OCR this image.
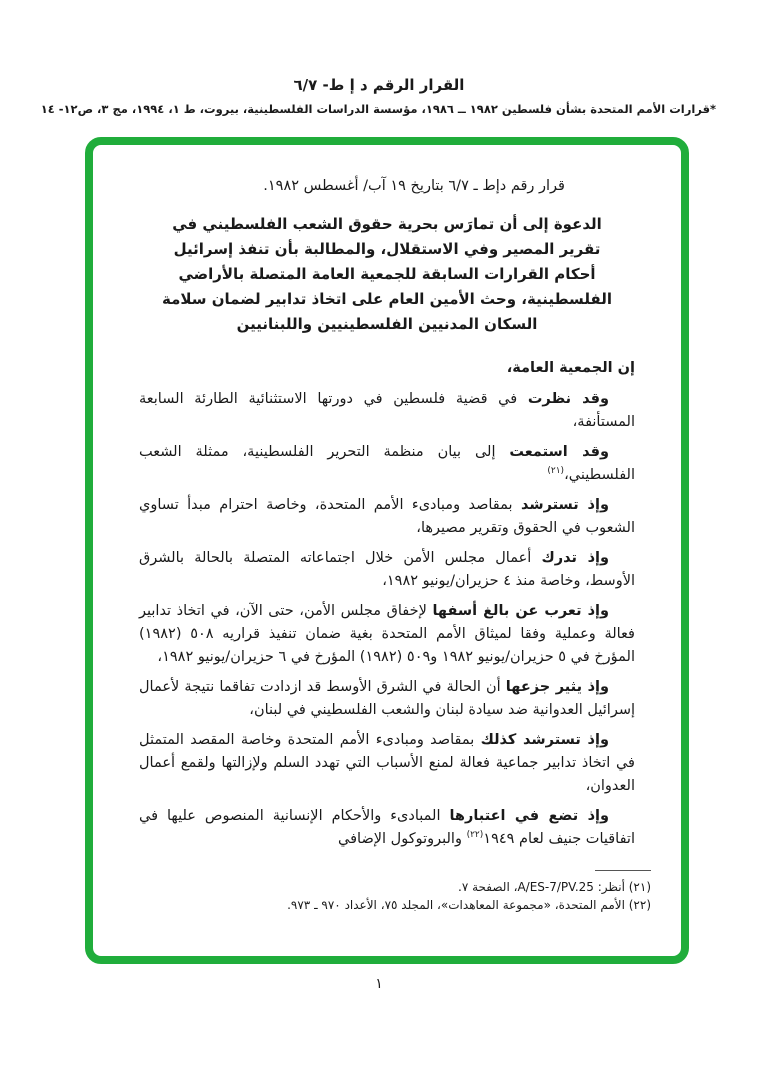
القرار الرقم د إ ط- ٦/٧
*قرارات الأمم المتحدة بشأن فلسطين ١٩٨٢ ــ ١٩٨٦، مؤسسة الدراسات الفلسطينية، بيروت، ط ١، ١٩٩٤، مج ٣، ص١٢- ١٤

قرار رقم دإط ـ ٦/٧ بتاريخ ١٩ آب/ أغسطس ١٩٨٢.

الدعوة إلى أن تمارَس بحرية حقوق الشعب الفلسطيني في تقرير المصير وفي الاستقلال، والمطالبة بأن تنفذ إسرائيل أحكام القرارات السابقة للجمعية العامة المتصلة بالأراضي الفلسطينية، وحث الأمين العام على اتخاذ تدابير لضمان سلامة السكان المدنيين الفلسطينيين واللبنانيين

إن الجمعية العامة،

وقد نظرت في قضية فلسطين في دورتها الاستثنائية الطارئة السابعة المستأنفة،

وقد استمعت إلى بيان منظمة التحرير الفلسطينية، ممثلة الشعب الفلسطيني،$^{(٢١)}$

وإذ تسترشد بمقاصد ومبادىء الأمم المتحدة، وخاصة احترام مبدأ تساوي الشعوب في الحقوق وتقرير مصيرها،

وإذ تدرك أعمال مجلس الأمن خلال اجتماعاته المتصلة بالحالة بالشرق الأوسط، وخاصة منذ ٤ حزيران/يونيو ١٩٨٢،

وإذ تعرب عن بالغ أسفها لإخفاق مجلس الأمن، حتى الآن، في اتخاذ تدابير فعالة وعملية وفقا لميثاق الأمم المتحدة بغية ضمان تنفيذ قراريه ٥٠٨ (١٩٨٢) المؤرخ في ٥ حزيران/يونيو ١٩٨٢ و٥٠٩ (١٩٨٢) المؤرخ في ٦ حزيران/يونيو ١٩٨٢،

وإذ يثير جزعها أن الحالة في الشرق الأوسط قد ازدادت تفاقما نتيجة لأعمال إسرائيل العدوانية ضد سيادة لبنان والشعب الفلسطيني في لبنان،

وإذ تسترشد كذلك بمقاصد ومبادىء الأمم المتحدة وخاصة المقصد المتمثل في اتخاذ تدابير جماعية فعالة لمنع الأسباب التي تهدد السلم ولإزالتها ولقمع أعمال العدوان،

وإذ تضع في اعتبارها المبادىء والأحكام الإنسانية المنصوص عليها في اتفاقيات جنيف لعام ١٩٤٩$^{(٢٢)}$ والبروتوكول الإضافي

(٢١) أنظر: A/ES-7/PV.25، الصفحة ٧.
(٢٢) الأمم المتحدة، «مجموعة المعاهدات»، المجلد ٧٥، الأعداد ٩٧٠ ـ ٩٧٣.
١
